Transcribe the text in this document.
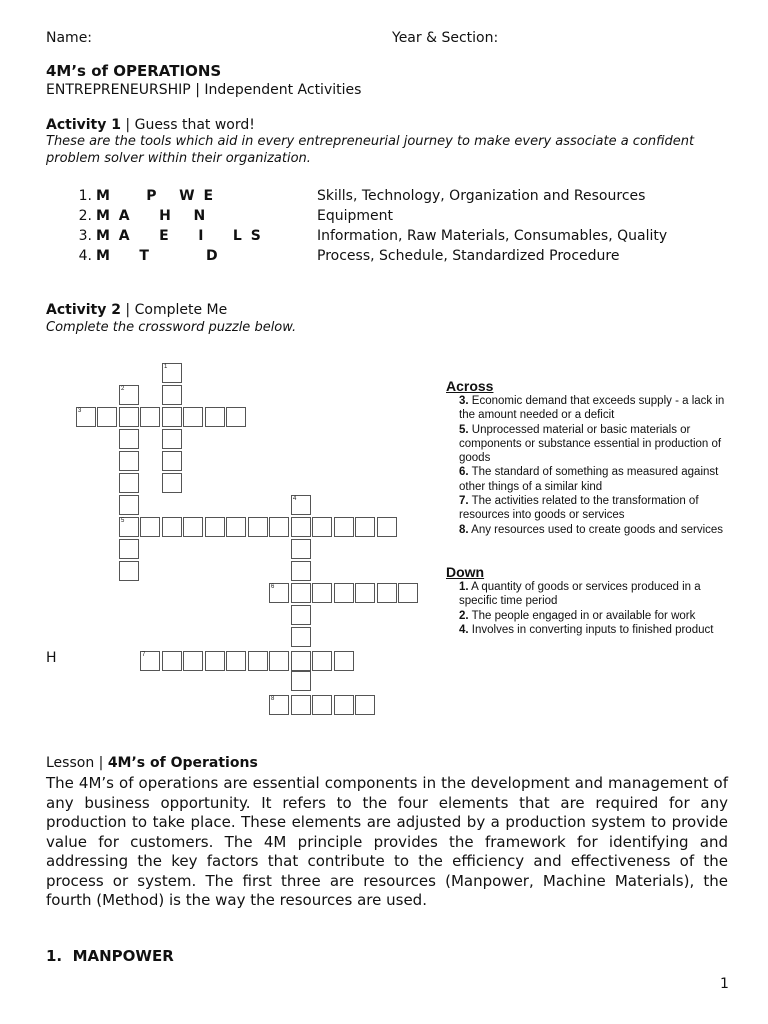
Name:	Year & Section:
4M’s of OPERATIONS
ENTREPRENEURSHIP | Independent Activities
Activity 1 | Guess that word!
These are the tools which aid in every entrepreneurial journey to make every associate a confident
problem solver within their organization.
1. M     P   W E	Skills, Technology, Organization and Resources
2. M A    H   N	Equipment
3. M A    E    I    L S	Information, Raw Materials, Consumables, Quality
4. M    T        D	Process, Schedule, Standardized Procedure
Activity 2 | Complete Me
Complete the crossword puzzle below.
1
2
3
4
5
6
7
8
H
Across
3. Economic demand that exceeds supply - a lack in the amount needed or a deficit
5. Unprocessed material or basic materials or components or substance essential in production of goods
6. The standard of something as measured against other things of a similar kind
7. The activities related to the transformation of resources into goods or services
8. Any resources used to create goods and services
Down
1. A quantity of goods or services produced in a specific time period
2. The people engaged in or available for work
4. Involves in converting inputs to finished product
Lesson | 4M’s of Operations
The 4M’s of operations are essential components in the development and management of any business opportunity. It refers to the four elements that are required for any production to take place. These elements are adjusted by a production system to provide value for customers. The 4M principle provides the framework for identifying and addressing the key factors that contribute to the efficiency and effectiveness of the process or system. The first three are resources (Manpower, Machine Materials), the fourth (Method) is the way the resources are used.
1.  MANPOWER
1
